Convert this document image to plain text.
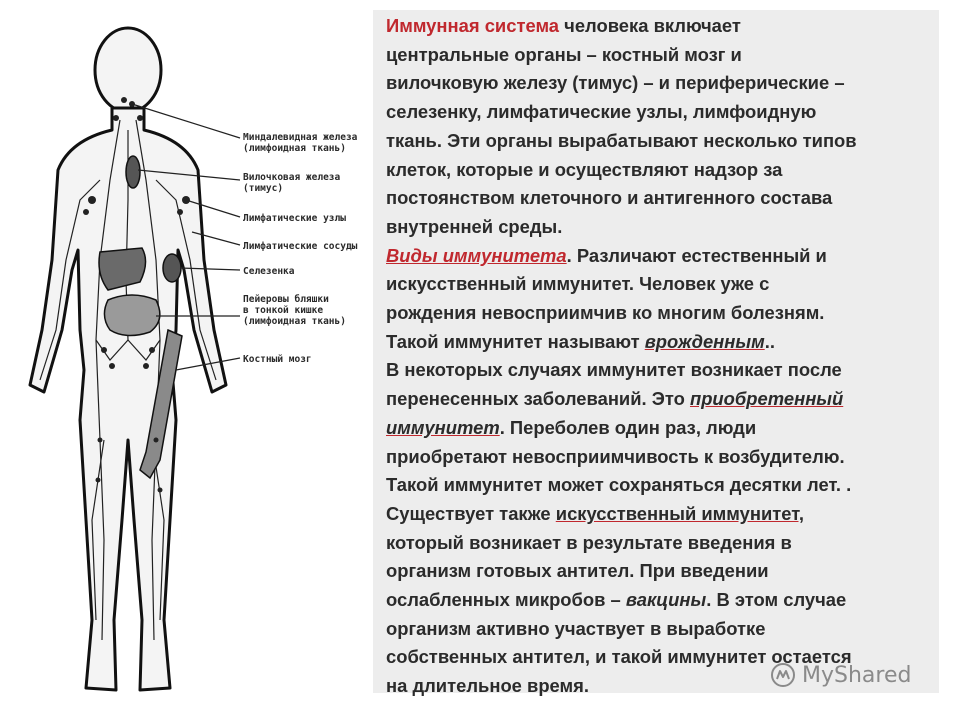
Миндалевидная железа (лимфоидная ткань)
Вилочковая железа (тимус)
Лимфатические узлы
Лимфатические сосуды
Селезенка
Пейеровы бляшки в тонкой кишке (лимфоидная ткань)
Костный мозг
Иммунная система человека включает
центральные органы – костный мозг и
вилочковую железу (тимус) – и периферические –
селезенку, лимфатические узлы, лимфоидную
ткань. Эти органы вырабатывают несколько типов
клеток, которые и осуществляют надзор за
постоянством клеточного и антигенного состава
внутренней среды.
Виды иммунитета. Различают естественный и
искусственный иммунитет. Человек уже с
рождения невосприимчив ко многим болезням.
Такой иммунитет называют врожденным..
В некоторых случаях иммунитет возникает после
перенесенных заболеваний. Это приобретенный
иммунитет. Переболев один раз, люди
приобретают невосприимчивость к возбудителю.
Такой иммунитет может сохраняться десятки лет. .
Существует также искусственный иммунитет,
который возникает в результате введения в
организм готовых антител. При введении
ослабленных микробов – вакцины. В этом случае
организм активно участвует в выработке
собственных антител, и такой иммунитет остается
на длительное время.	MyShared
